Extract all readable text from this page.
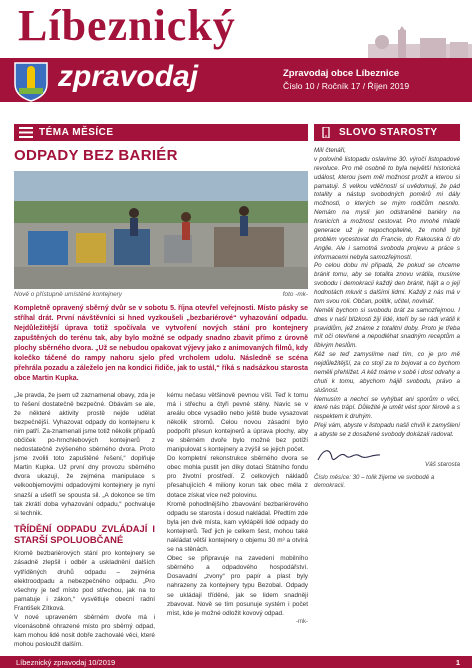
Líbeznický
zpravodaj	Zpravodaj obce Líbeznice
Číslo 10 / Ročník 17 / Říjen 2019
TÉMA MĚSÍCE
ODPADY BEZ BARIÉR
Nově o přístupně umístěné kontejnery	foto -mk-

Kompletně opravený sběrný dvůr se v sobotu 5. října otevřel veřejnosti. Místo pásky se stříhal drát. První návštěvníci si hned vyzkoušeli „bezbariérové“ vyhazování odpadu. Nejdůležitější úprava totiž spočívala ve vytvoření nových stání pro kontejnery zapuštěných do terénu tak, aby bylo možné se odpady snadno zbavit přímo z úrovně plochy sběrného dvora. „Už se nebudou opakovat výjevy jako z animovaných filmů, kdy kolečko táčené do rampy nahoru sjelo před vrcholem udolu. Následně se scéna přehrála pozadu a záleželo jen na kondici řidiče, jak to ustál,“ říká s nadsázkou starosta obce Martin Kupka.

„Je pravda, že jsem už zaznamenal obavy, zda je to řešení dostatečně bezpečné. Obávám se ale, že některé aktivity prostě nejde udělat bezpečnější. Vyhazovat odpady do kontejneru k nim patří. Za-znamenali jsme totiž několik případů občiček po-hrnchlebových kontejnerů z nedostatečně zvýšeného sběrného dvora. Proto jsme zvolili toto zapuštěné řešení,“ doplňuje Martin Kupka. Už první dny provozu sběrného dvora ukazují, že zejména manipulace s velkoobjemovými odpadovými kontejnery je nyní snazší a ušetří se spousta sil. „A dokonce se tím tak zkrátí doba vyhazování odpadu,“ pochvaluje si technik.

TŘÍDĚNÍ ODPADU ZVLÁDAJÍ I STARŠÍ SPOLUOBČANÉ

Kromě bezbariérových stání pro kontejnery se zásadně zlepšil i odběr a uskladnění dalších vytříděných druhů odpadu – zejména elektroodpadu a nebezpečného odpadu. „Pro všechny je teď místo pod střechou, jak na to pamatuje i zákon,“ vysvětluje obecní radní František Zítková.

V nové upraveném sběrném dvoře má i vícenásobně ohrazené místo pro sběrný odpad, kam mohou lidé nosit dobře zachovalé věci, které mohou posloužit dalším.

kému nečasu většinově pevnou víšl. Teď k tomu má i střechu a čtyři pevné stěny. Navíc se v areálu obce vysadilo nebo ještě bude vysazovat několik stromů. Celou novou zásadní bylo podpořit přesun kontejnerů a úprava plochy, aby ve sběrném dvoře bylo možné bez potíží manipulovat s kontejnery a zvýšil se jejich počet.

Do kompletní rekonstrukce sběrného dvora se obec mohla pustit jen díky dotaci Státního fondu pro životní prostředí. Z celkových nákladů přesahujících 4 miliony korun tak obec měla z dotace získat více než polovinu.

Kromě pohodlnějšího zbavování bezbariérového odpadu se starosta i dosud nakládal. Předtím zde byla jen dvě místa, kam vyklápěli lidé odpady do kontejnerů. Teď jich je celkem šest, mohou také nakládat větší kontejnery o objemu 30 m³ a otvírá se na stěnách.

Obec se připravuje na zavedení mobilního sběrného a odpadového hospodářství. Dosavadní „zvony“ pro papír a plast byly nahrazeny za kontejnery typu Bezobal. Odpady se ukládají tříděné, jak se lidem snadněji zbavovat. Nově se tím posunuje systém i počet míst, kde je možné odložit kovový odpad.

-mk-
SLOVO STAROSTY

Milí čtenáři,

v polovině listopadu oslavíme 30. výročí listopadové revoluce. Pro mě osobně to byla největší historická událost, kterou jsem měl možnost prožít a kterou si pamatuji. S velkou vděčností si uvědomuji, že pád totality a nástup svobodných poměrů mi dály možnosti, o kterých se mým rodičům nesnilo. Nemám na mysli jen odstraněné bariéry na hranicích a možnost cestovat. Pro mnohé mladé generace už je nepochopitelné, že mohli být problém vycestovat do Francie, do Rakouska či do Anglie. Ale i samotná svoboda projevu a práce s informacemi nebyla samozřejmostí.

Po celou dobu mi připadá, že pokud se chceme bránit tomu, aby se totalita znovu vrátila, musíme svobodu i demokracii každý den bránit, hájit a o její hodnotách mluvit s dalšími lidmi. Každý z nás má v tom svou roli. Občan, politik, učitel, novinář.

Neměli bychom si svobodu brát za samozřejmou. I dnes v naší blízkosti žijí lidé, kteří by se rádi vrátili k pravidlům, jež známe z totalitní doby. Proto je třeba mít oči otevřené a nepodléhat snadným receptům a líbivým heslům.

Kéž se teď zamyslíme nad tím, co je pro mě nejdůležitější, za co stojí za to bojovat a co bychom neměli přehlížet. A kéž máme v sobě i dost odvahy a chuti k tomu, abychom hájili svobodu, právo a slušnost.

Nemusím a nechci se vyhýbat ani sporům o věci, které nás trápí. Důležité je umět vést spor férově a s respektem k druhým.

Přeji vám, abyste v listopadu našli chvíli k zamyšlení a abyste se z dosažené svobody dokázali radovat.

Váš starosta
Číslo měsíce: 30 – tolik žijeme ve svobodě a demokracii.
Líbeznický zpravodaj 10/2019	1
